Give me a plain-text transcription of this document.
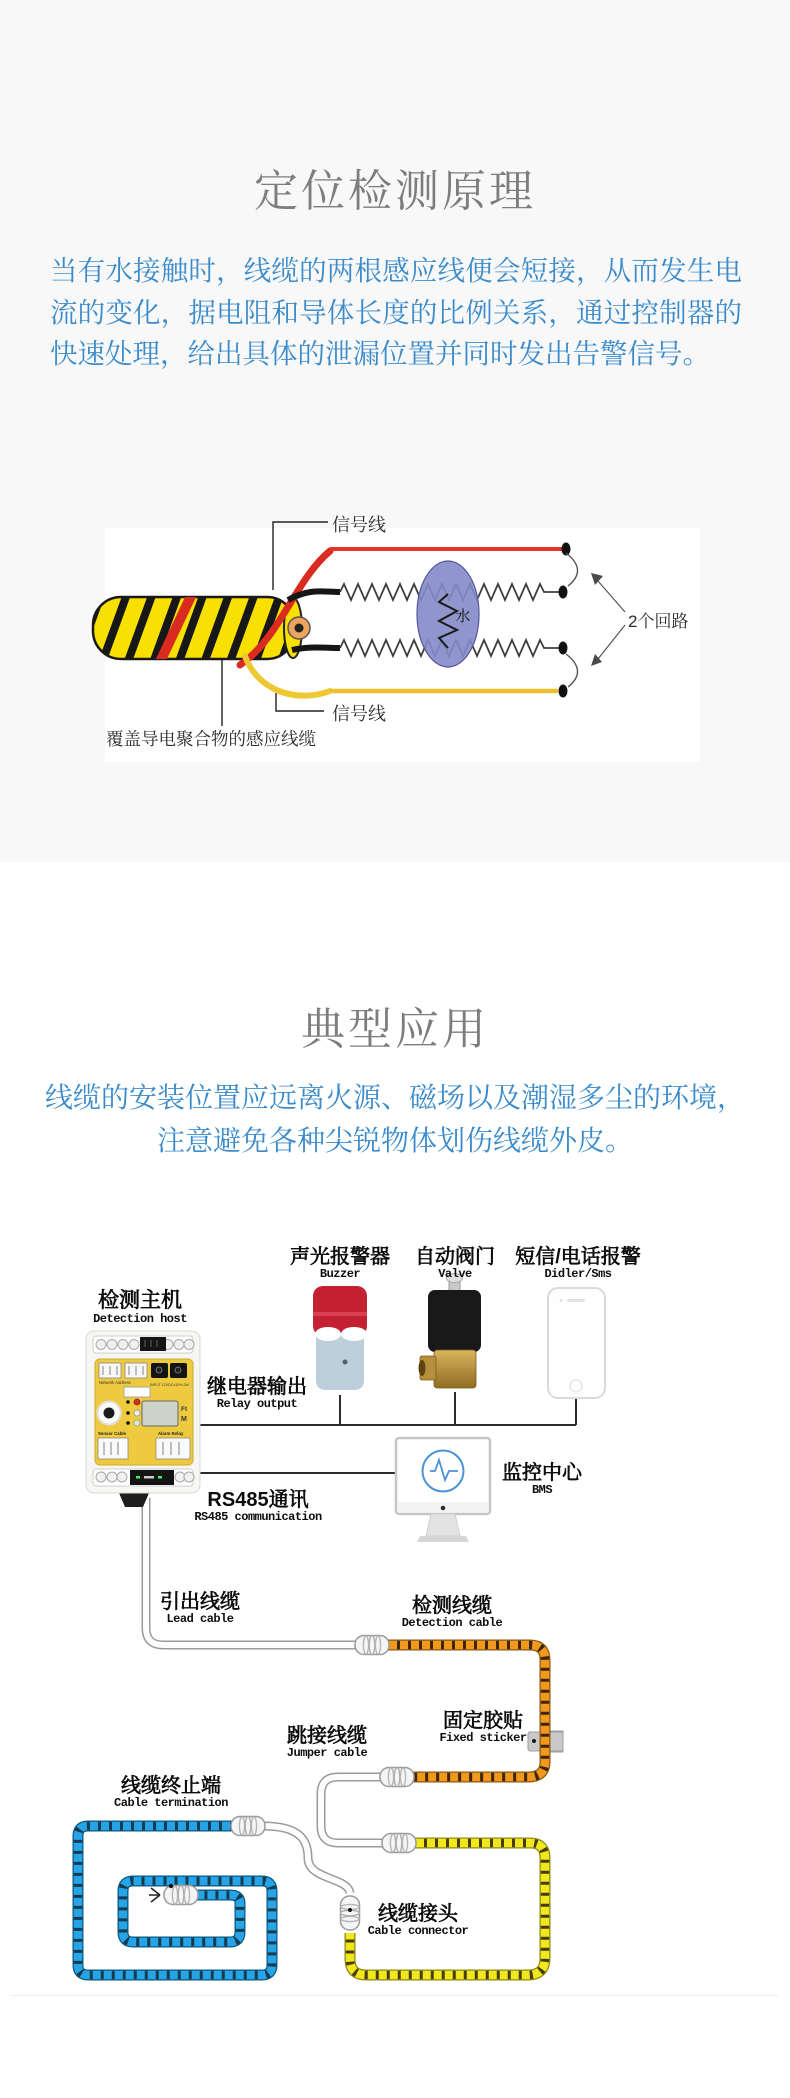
定位检测原理
当有水接触时，线缆的两根感应线便会短接，从而发生电
流的变化，据电阻和导体长度的比例关系，通过控制器的
快速处理，给出具体的泄漏位置并同时发出告警信号。
水
信号线
信号线
2个回路
覆盖导电聚合物的感应线缆
典型应用
线缆的安装位置应远离火源、磁场以及潮湿多尘的环境，
注意避免各种尖锐物体划伤线缆外皮。
Network Address	INPUT 12VDC±10% 2W
Ft
M
Sensor Cable	Alarm Relay
检测主机
Detection host
声光报警器
Buzzer
自动阀门
Valve
短信/电话报警
Didler/Sms
继电器输出
Relay output
RS485通讯
RS485 communication
监控中心
BMS
引出线缆
Lead cable
检测线缆
Detection cable
跳接线缆
Jumper cable
固定胶贴
Fixed sticker
线缆终止端
Cable termination
线缆接头
Cable connector
